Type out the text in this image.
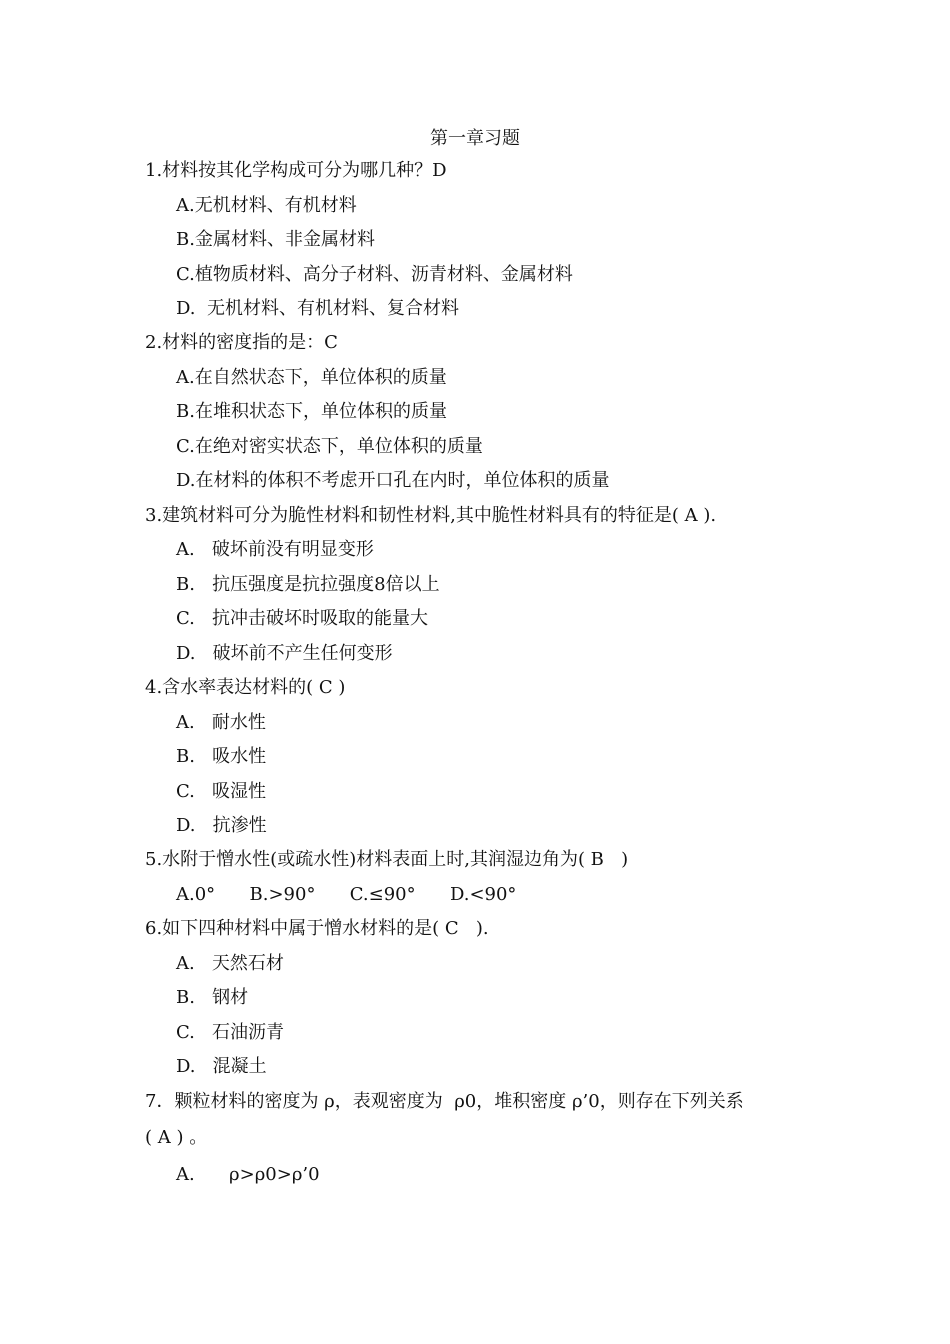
第一章习题
1.材料按其化学构成可分为哪几种？D
A.无机材料、有机材料
B.金属材料、非金属材料
C.植物质材料、高分子材料、沥青材料、金属材料
D.  无机材料、有机材料、复合材料
2.材料的密度指的是：C
A.在自然状态下，单位体积的质量
B.在堆积状态下，单位体积的质量
C.在绝对密实状态下，单位体积的质量
D.在材料的体积不考虑开口孔在内时，单位体积的质量
3.建筑材料可分为脆性材料和韧性材料,其中脆性材料具有的特征是( A ).
A.   破坏前没有明显变形
B.   抗压强度是抗拉强度8倍以上
C.   抗冲击破坏时吸取的能量大
D.   破坏前不产生任何变形
4.含水率表达材料的( C )
A.   耐水性
B.   吸水性
C.   吸湿性
D.   抗渗性
5.水附于憎水性(或疏水性)材料表面上时,其润湿边角为( B   )
A.0°      B.>90°      C.≤90°      D.<90°
6.如下四种材料中属于憎水材料的是( C   ).
A.   天然石材
B.   钢材
C.   石油沥青
D.   混凝土
7．颗粒材料的密度为 ρ，表观密度为  ρ0，堆积密度 ρ’0，则存在下列关系
( A ) 。
A.      ρ>ρ0>ρ’0
